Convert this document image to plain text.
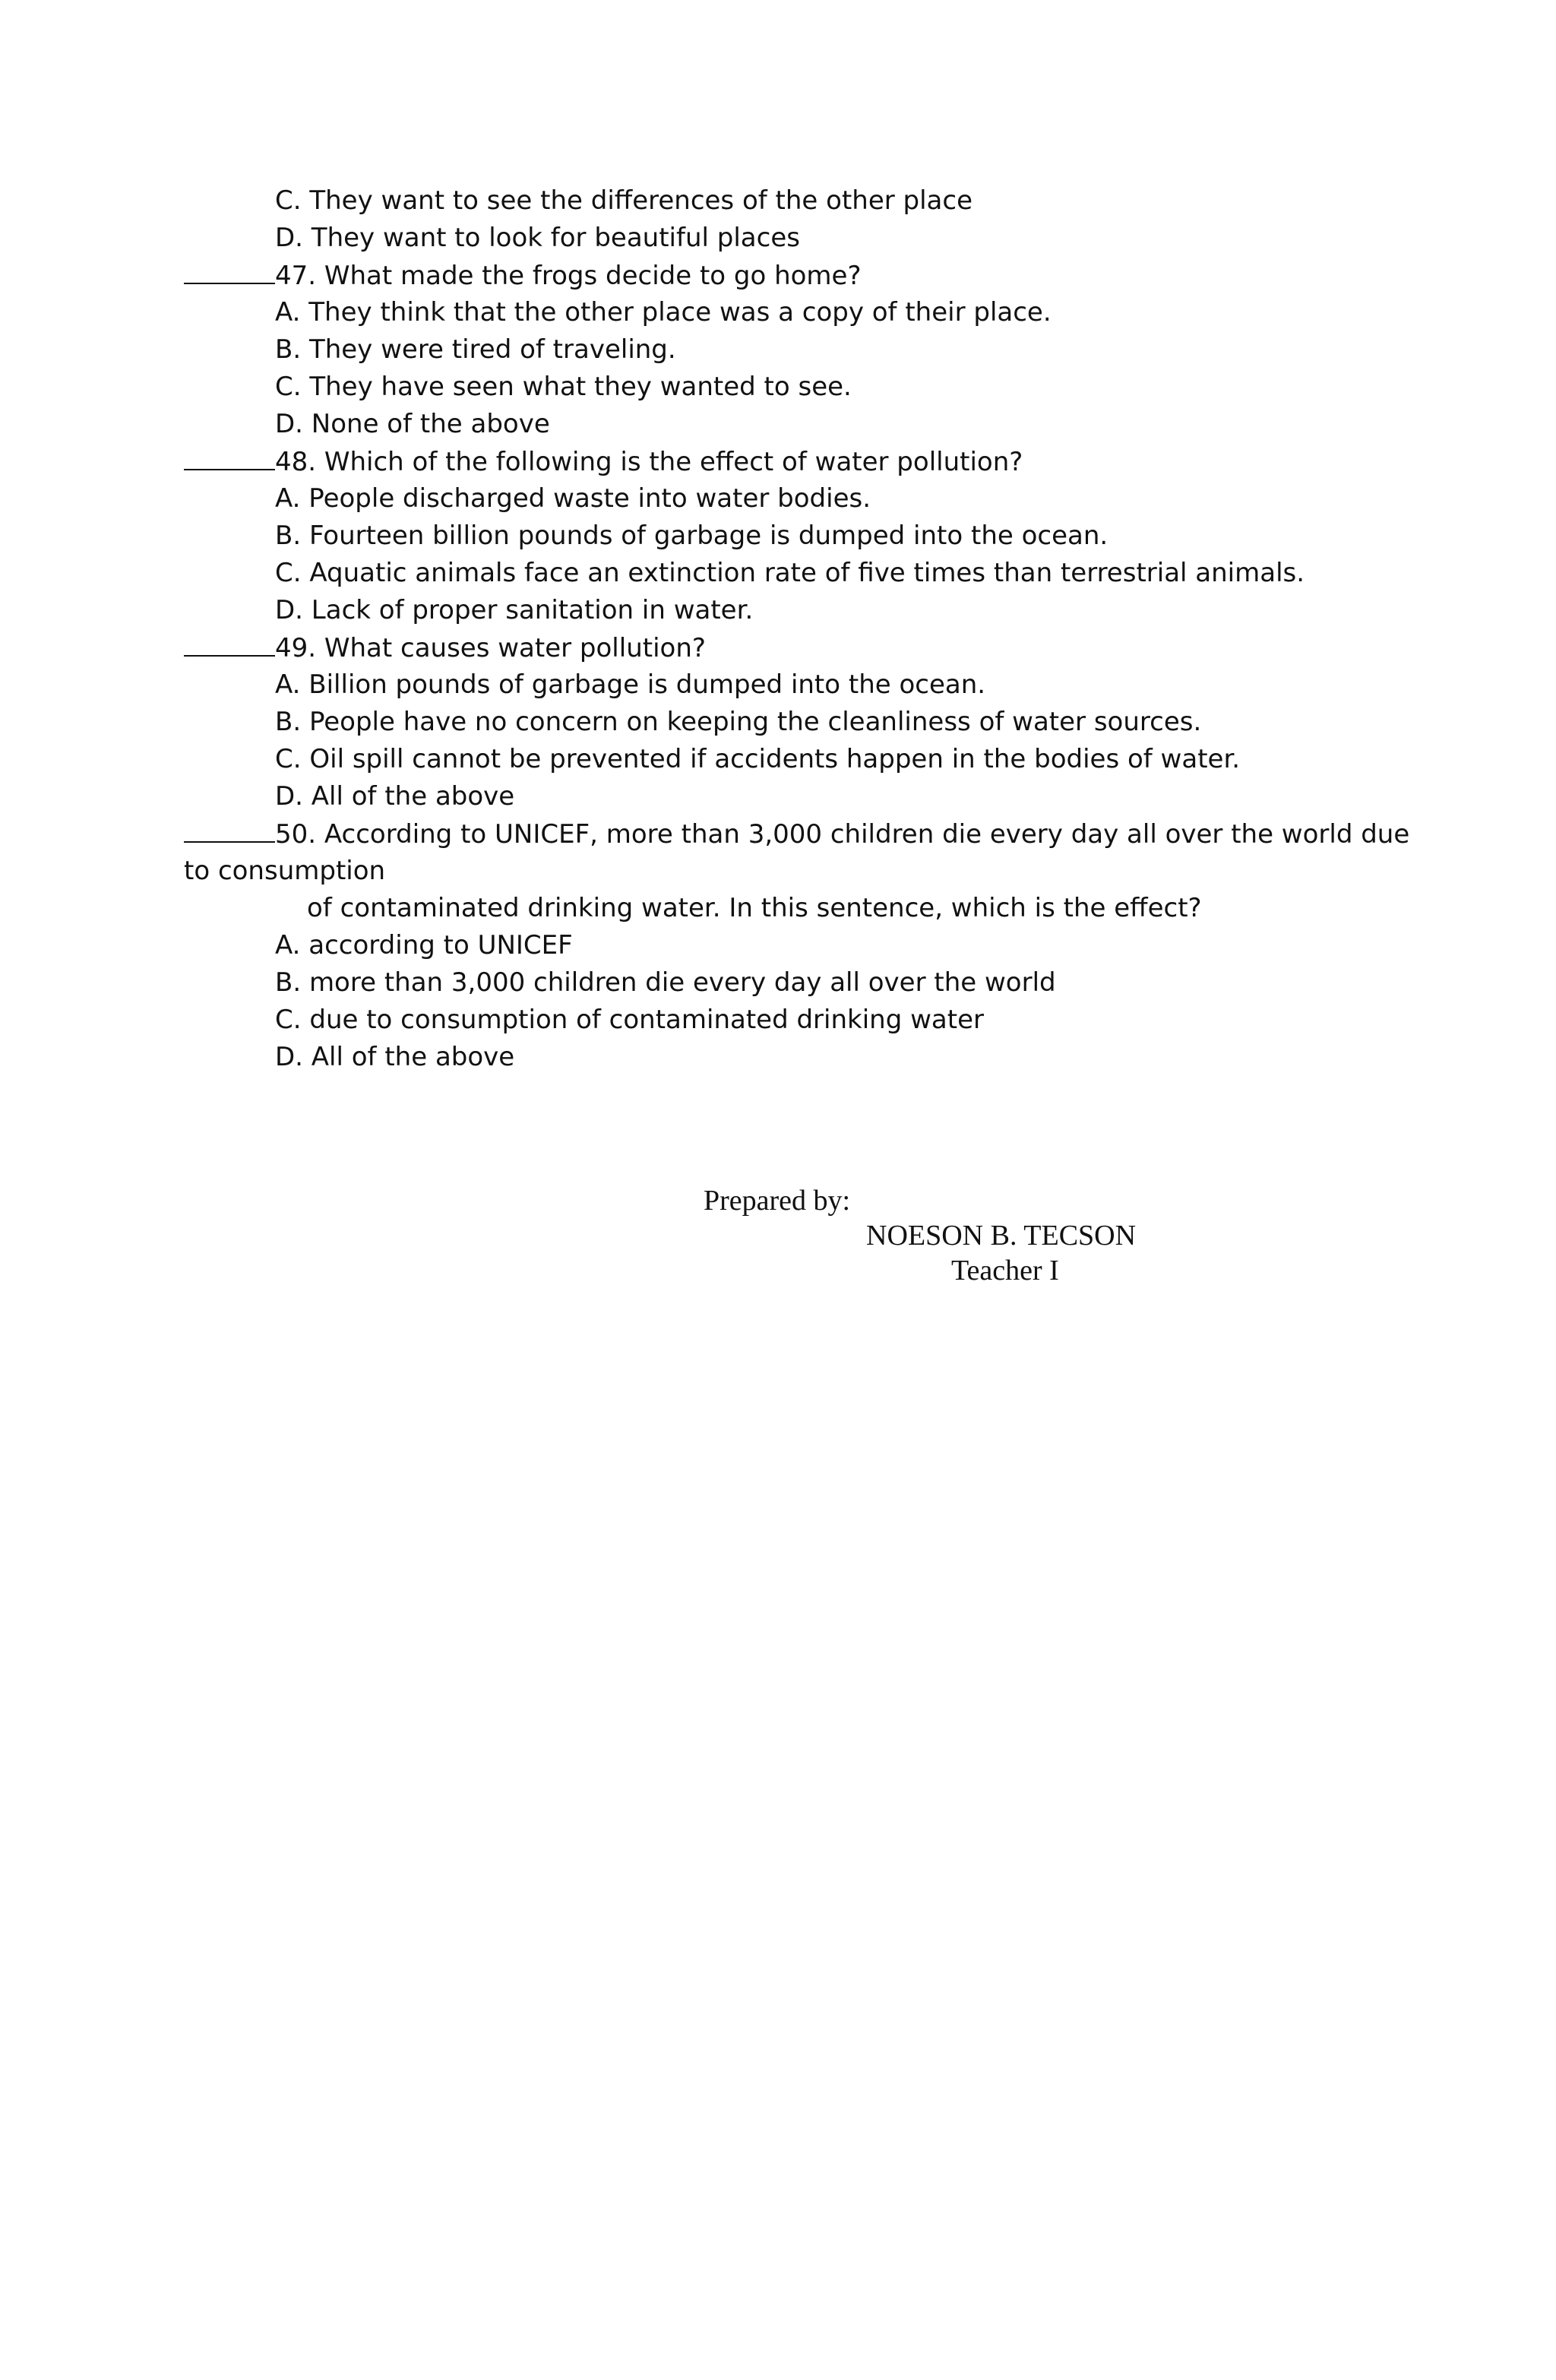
C. They want to see the differences of the other place
D. They want to look for beautiful places
47. What made the frogs decide to go home?
A. They think that the other place was a copy of their place.
B. They were tired of traveling.
C. They have seen what they wanted to see.
D. None of the above
48. Which of the following is the effect of water pollution?
A. People discharged waste into water bodies.
B. Fourteen billion pounds of garbage is dumped into the ocean.
C. Aquatic animals face an extinction rate of five times than terrestrial animals.
D. Lack of proper sanitation in water.
49. What causes water pollution?
A. Billion pounds of garbage is dumped into the ocean.
B. People have no concern on keeping the cleanliness of water sources.
C. Oil spill cannot be prevented if accidents happen in the bodies of water.
D. All of the above
50. According to UNICEF, more than 3,000 children die every day all over the world due
to consumption
of contaminated drinking water. In this sentence, which is the effect?
A. according to UNICEF
B. more than 3,000 children die every day all over the world
C. due to consumption of contaminated drinking water
D. All of the above
Prepared by:
NOESON B. TECSON
Teacher I
